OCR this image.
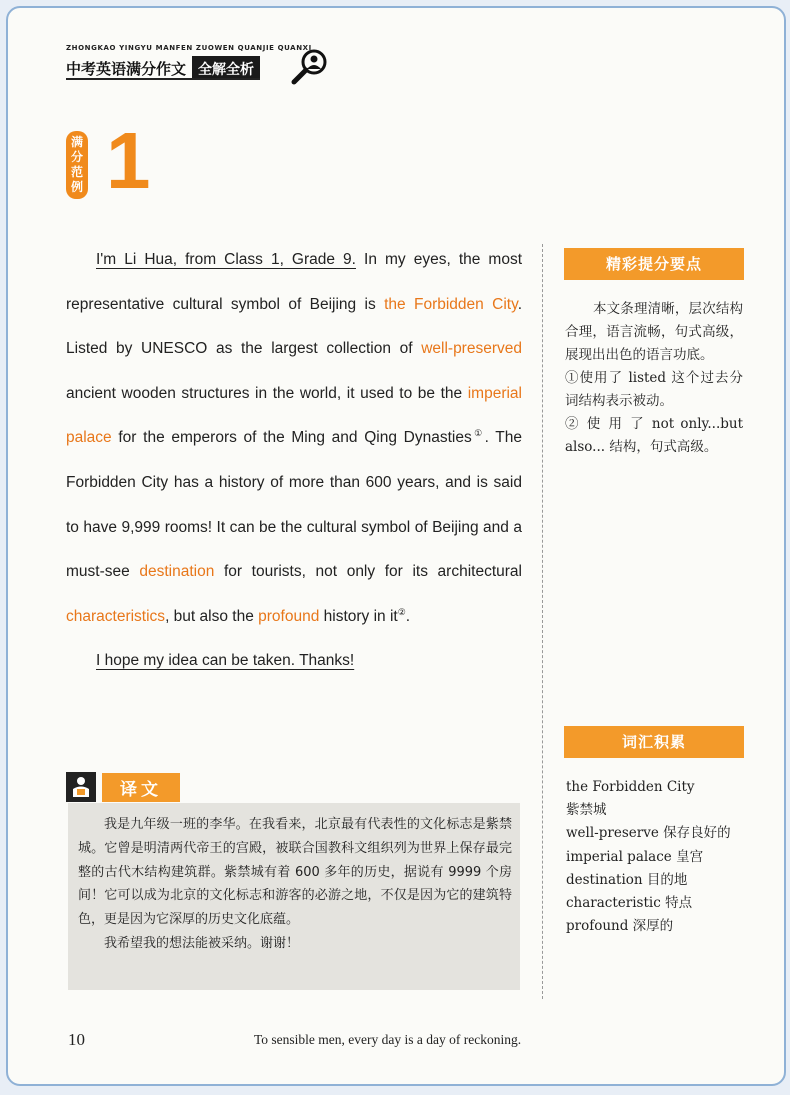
ZHONGKAO YINGYU MANFEN ZUOWEN QUANJIE QUANXI
中考英语满分作文 全解全析
满
分
范
例 1

I'm Li Hua, from Class 1, Grade 9. In my eyes, the most representative cultural symbol of Beijing is the Forbidden City. Listed by UNESCO as the largest collection of well-preserved ancient wooden structures in the world, it used to be the imperial palace for the emperors of the Ming and Qing Dynasties①. The Forbidden City has a history of more than 600 years, and is said to have 9,999 rooms! It can be the cultural symbol of Beijing and a must-see destination for tourists, not only for its architectural characteristics, but also the profound history in it②.

I hope my idea can be taken. Thanks!

精彩提分要点

本文条理清晰，层次结构合理，语言流畅，句式高级，展现出出色的语言功底。

①使用了 listed 这个过去分词结构表示被动。

② 使 用 了 not only...but also... 结构，句式高级。

词汇积累
the Forbidden City
紫禁城
well-preserve 保存良好的
imperial palace 皇宫
destination 目的地
characteristic 特点
profound 深厚的
译文

我是九年级一班的李华。在我看来，北京最有代表性的文化标志是紫禁城。它曾是明清两代帝王的宫殿，被联合国教科文组织列为世界上保存最完整的古代木结构建筑群。紫禁城有着 600 多年的历史，据说有 9999 个房间！它可以成为北京的文化标志和游客的必游之地，不仅是因为它的建筑特色，更是因为它深厚的历史文化底蕴。

我希望我的想法能被采纳。谢谢！

10	To sensible men, every day is a day of reckoning.
